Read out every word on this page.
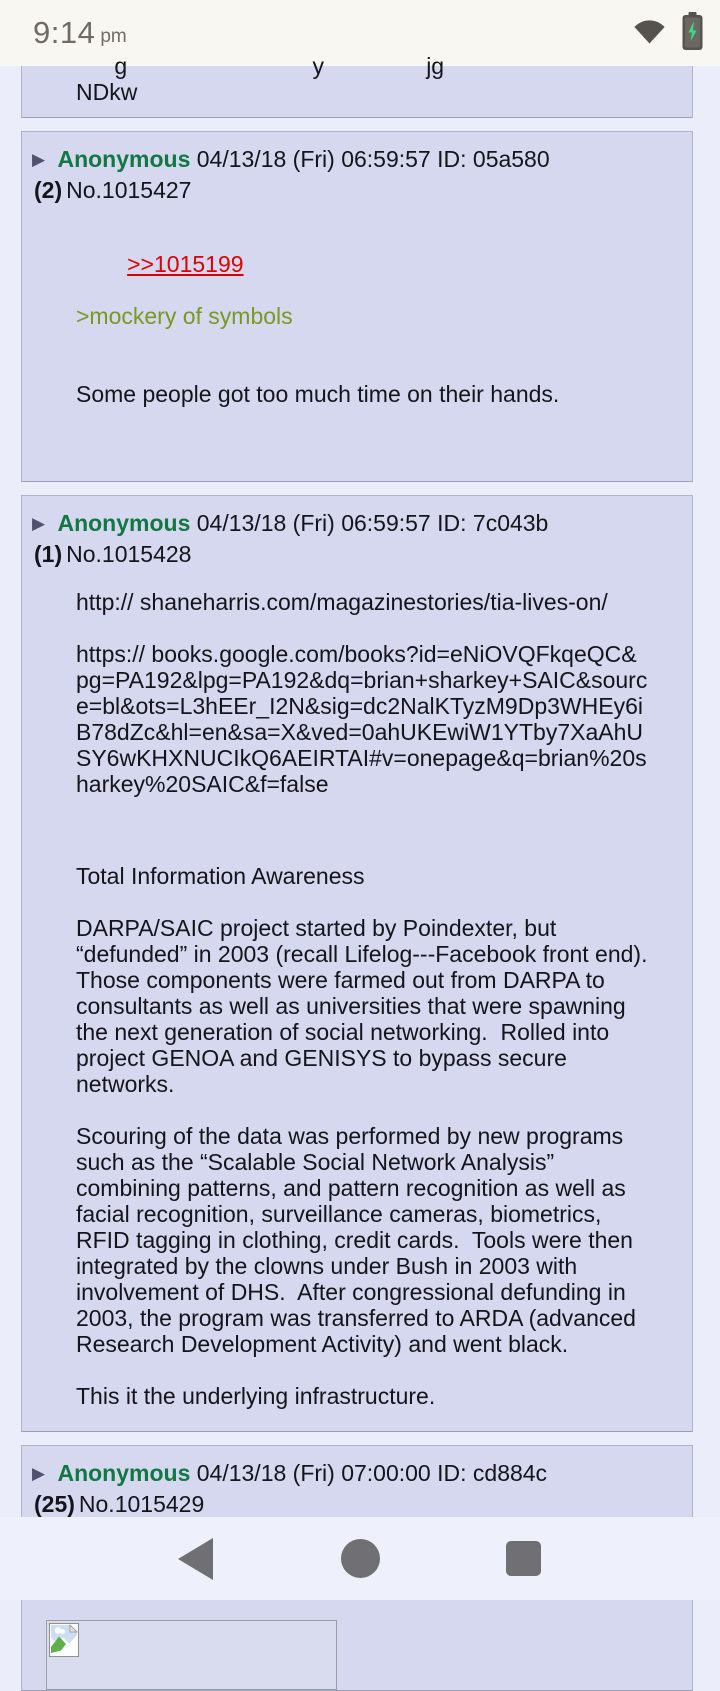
9:14 pm
g                             y                jg
NDkw
▶ Anonymous 04/13/18 (Fri) 06:59:57 ID: 05a580
(2) No.1015427

>>1015199

>mockery of symbols

Some people got too much time on their hands.

▶ Anonymous 04/13/18 (Fri) 06:59:57 ID: 7c043b
(1) No.1015428

http:// shaneharris.com/magazinestories/tia-lives-on/

https:// books.google.com/books?id=eNiOVQFkqeQC&pg=PA192&lpg=PA192&dq=brian+sharkey+SAIC&source=bl&ots=L3hEEr_I2N&sig=dc2NalKTyzM9Dp3WHEy6iB78dZc&hl=en&sa=X&ved=0ahUKEwiW1YTby7XaAhUSY6wKHXNUCIkQ6AEIRTAI#v=onepage&q=brian%20sharkey%20SAIC&f=false

Total Information Awareness

DARPA/SAIC project started by Poindexter, but “defunded” in 2003 (recall Lifelog---Facebook front end).  Those components were farmed out from DARPA to consultants as well as universities that were spawning the next generation of social networking.  Rolled into project GENOA and GENISYS to bypass secure networks.

Scouring of the data was performed by new programs such as the “Scalable Social Network Analysis” combining patterns, and pattern recognition as well as facial recognition, surveillance cameras, biometrics, RFID tagging in clothing, credit cards.  Tools were then integrated by the clowns under Bush in 2003 with involvement of DHS.  After congressional defunding in 2003, the program was transferred to ARDA (advanced Research Development Activity) and went black.

This it the underlying infrastructure.

▶ Anonymous 04/13/18 (Fri) 07:00:00 ID: cd884c
(25) No.1015429
